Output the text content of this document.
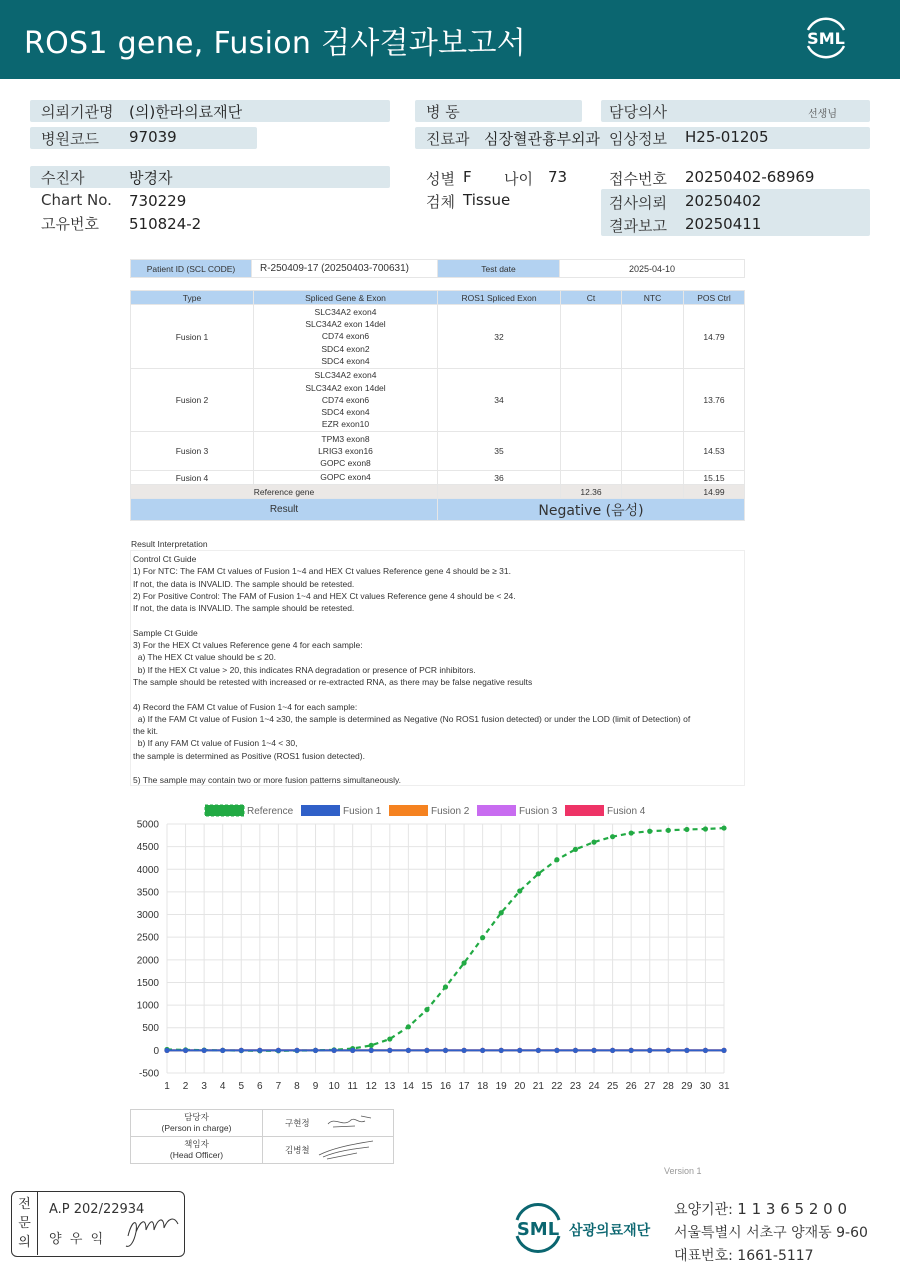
ROS1 gene, Fusion 검사결과보고서	SML
의뢰기관명 (의)한라의료재단
병원코드 97039
병 동	담당의사	선생님
진료과 심장혈관흉부외과 임상정보 H25-01205
수진자	방경자
Chart No. 730229
고유번호 510824-2
성별 F 나이 73
검체 Tissue
접수번호 20250402-68969
검사의뢰 20250402
결과보고 20250411
Patient ID (SCL CODE)	R-250409-17 (20250403-700631)	Test date	2025-04-10
Type	Spliced Gene & Exon	ROS1 Spliced Exon	Ct	NTC	POS Ctrl
Fusion 1	SLC34A2 exon4
SLC34A2 exon 14del
CD74 exon6
SDC4 exon2
SDC4 exon4	32			14.79
Fusion 2	SLC34A2 exon4
SLC34A2 exon 14del
CD74 exon6
SDC4 exon4
EZR exon10	34			13.76
Fusion 3	TPM3 exon8
LRIG3 exon16
GOPC exon8	35			14.53
Fusion 4	GOPC exon4	36			15.15
Reference gene			12.36		14.99
Result		Negative (음성)			
Result Interpretation

Control Ct Guide

1) For NTC: The FAM Ct values of Fusion 1~4 and HEX Ct values Reference gene 4 should be ≥ 31.

If not, the data is INVALID. The sample should be retested.

2) For Positive Control: The FAM of Fusion 1~4 and HEX Ct values Reference gene 4 should be < 24.

If not, the data is INVALID. The sample should be retested.

Sample Ct Guide

3) For the HEX Ct values Reference gene 4 for each sample:

a) The HEX Ct value should be ≤ 20.

b) If the HEX Ct value > 20, this indicates RNA degradation or presence of PCR inhibitors.

The sample should be retested with increased or re-extracted RNA, as there may be false negative results

4) Record the FAM Ct value of Fusion 1~4 for each sample:

a) If the FAM Ct value of Fusion 1~4 ≥30, the sample is determined as Negative (No ROS1 fusion detected) or under the LOD (limit of Detection) of

the kit.

b) If any FAM Ct value of Fusion 1~4 < 30,

the sample is determined as Positive (ROS1 fusion detected).

5) The sample may contain two or more fusion patterns simultaneously.

-500
0
500
1000
1500
2000
2500
3000
3500
4000
4500
5000
1 2 3 4 5 6 7 8 9 10 11 12 13 14 15 16 17 18 19 20 21 22 23 24 25 26 27 28 29 30 31
Reference	Fusion 1	Fusion 2	Fusion 3	Fusion 4
담당자
(Person in charge)	구현정

책임자
(Head Officer)	김병철
Version 1
전
문
의
A.P 202/22934
양  우  익	SML 삼광의료재단
요양기관: 1 1 3 6 5 2 0 0
서울특별시 서초구 양재동 9-60
대표번호: 1661-5117
